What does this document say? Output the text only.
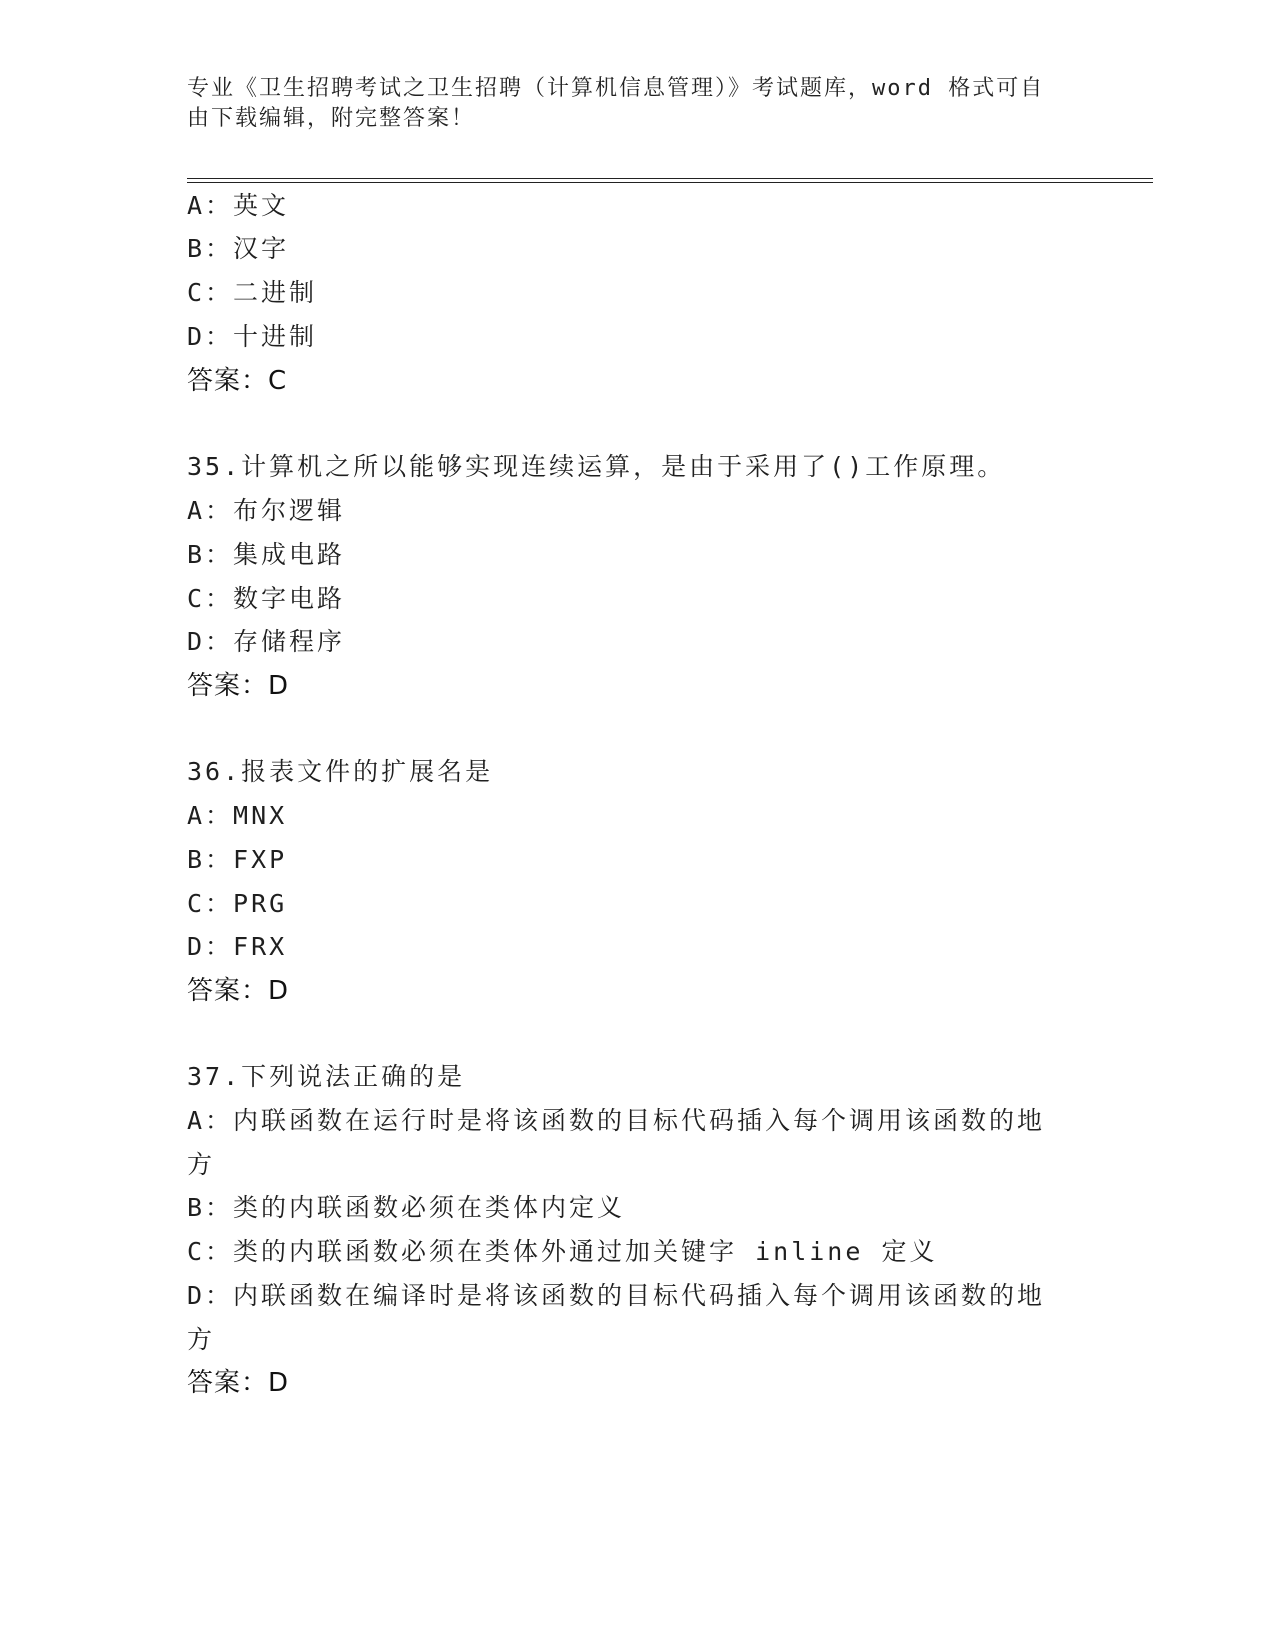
专业《卫生招聘考试之卫生招聘（计算机信息管理）》考试题库，word 格式可自
由下载编辑，附完整答案！
A：英文
B：汉字
C：二进制
D：十进制
答案：C
35.计算机之所以能够实现连续运算，是由于采用了()工作原理。
A：布尔逻辑
B：集成电路
C：数字电路
D：存储程序
答案：D
36.报表文件的扩展名是
A：MNX
B：FXP
C：PRG
D：FRX
答案：D
37.下列说法正确的是
A：内联函数在运行时是将该函数的目标代码插入每个调用该函数的地
方
B：类的内联函数必须在类体内定义
C：类的内联函数必须在类体外通过加关键字 inline 定义
D：内联函数在编译时是将该函数的目标代码插入每个调用该函数的地
方
答案：D
